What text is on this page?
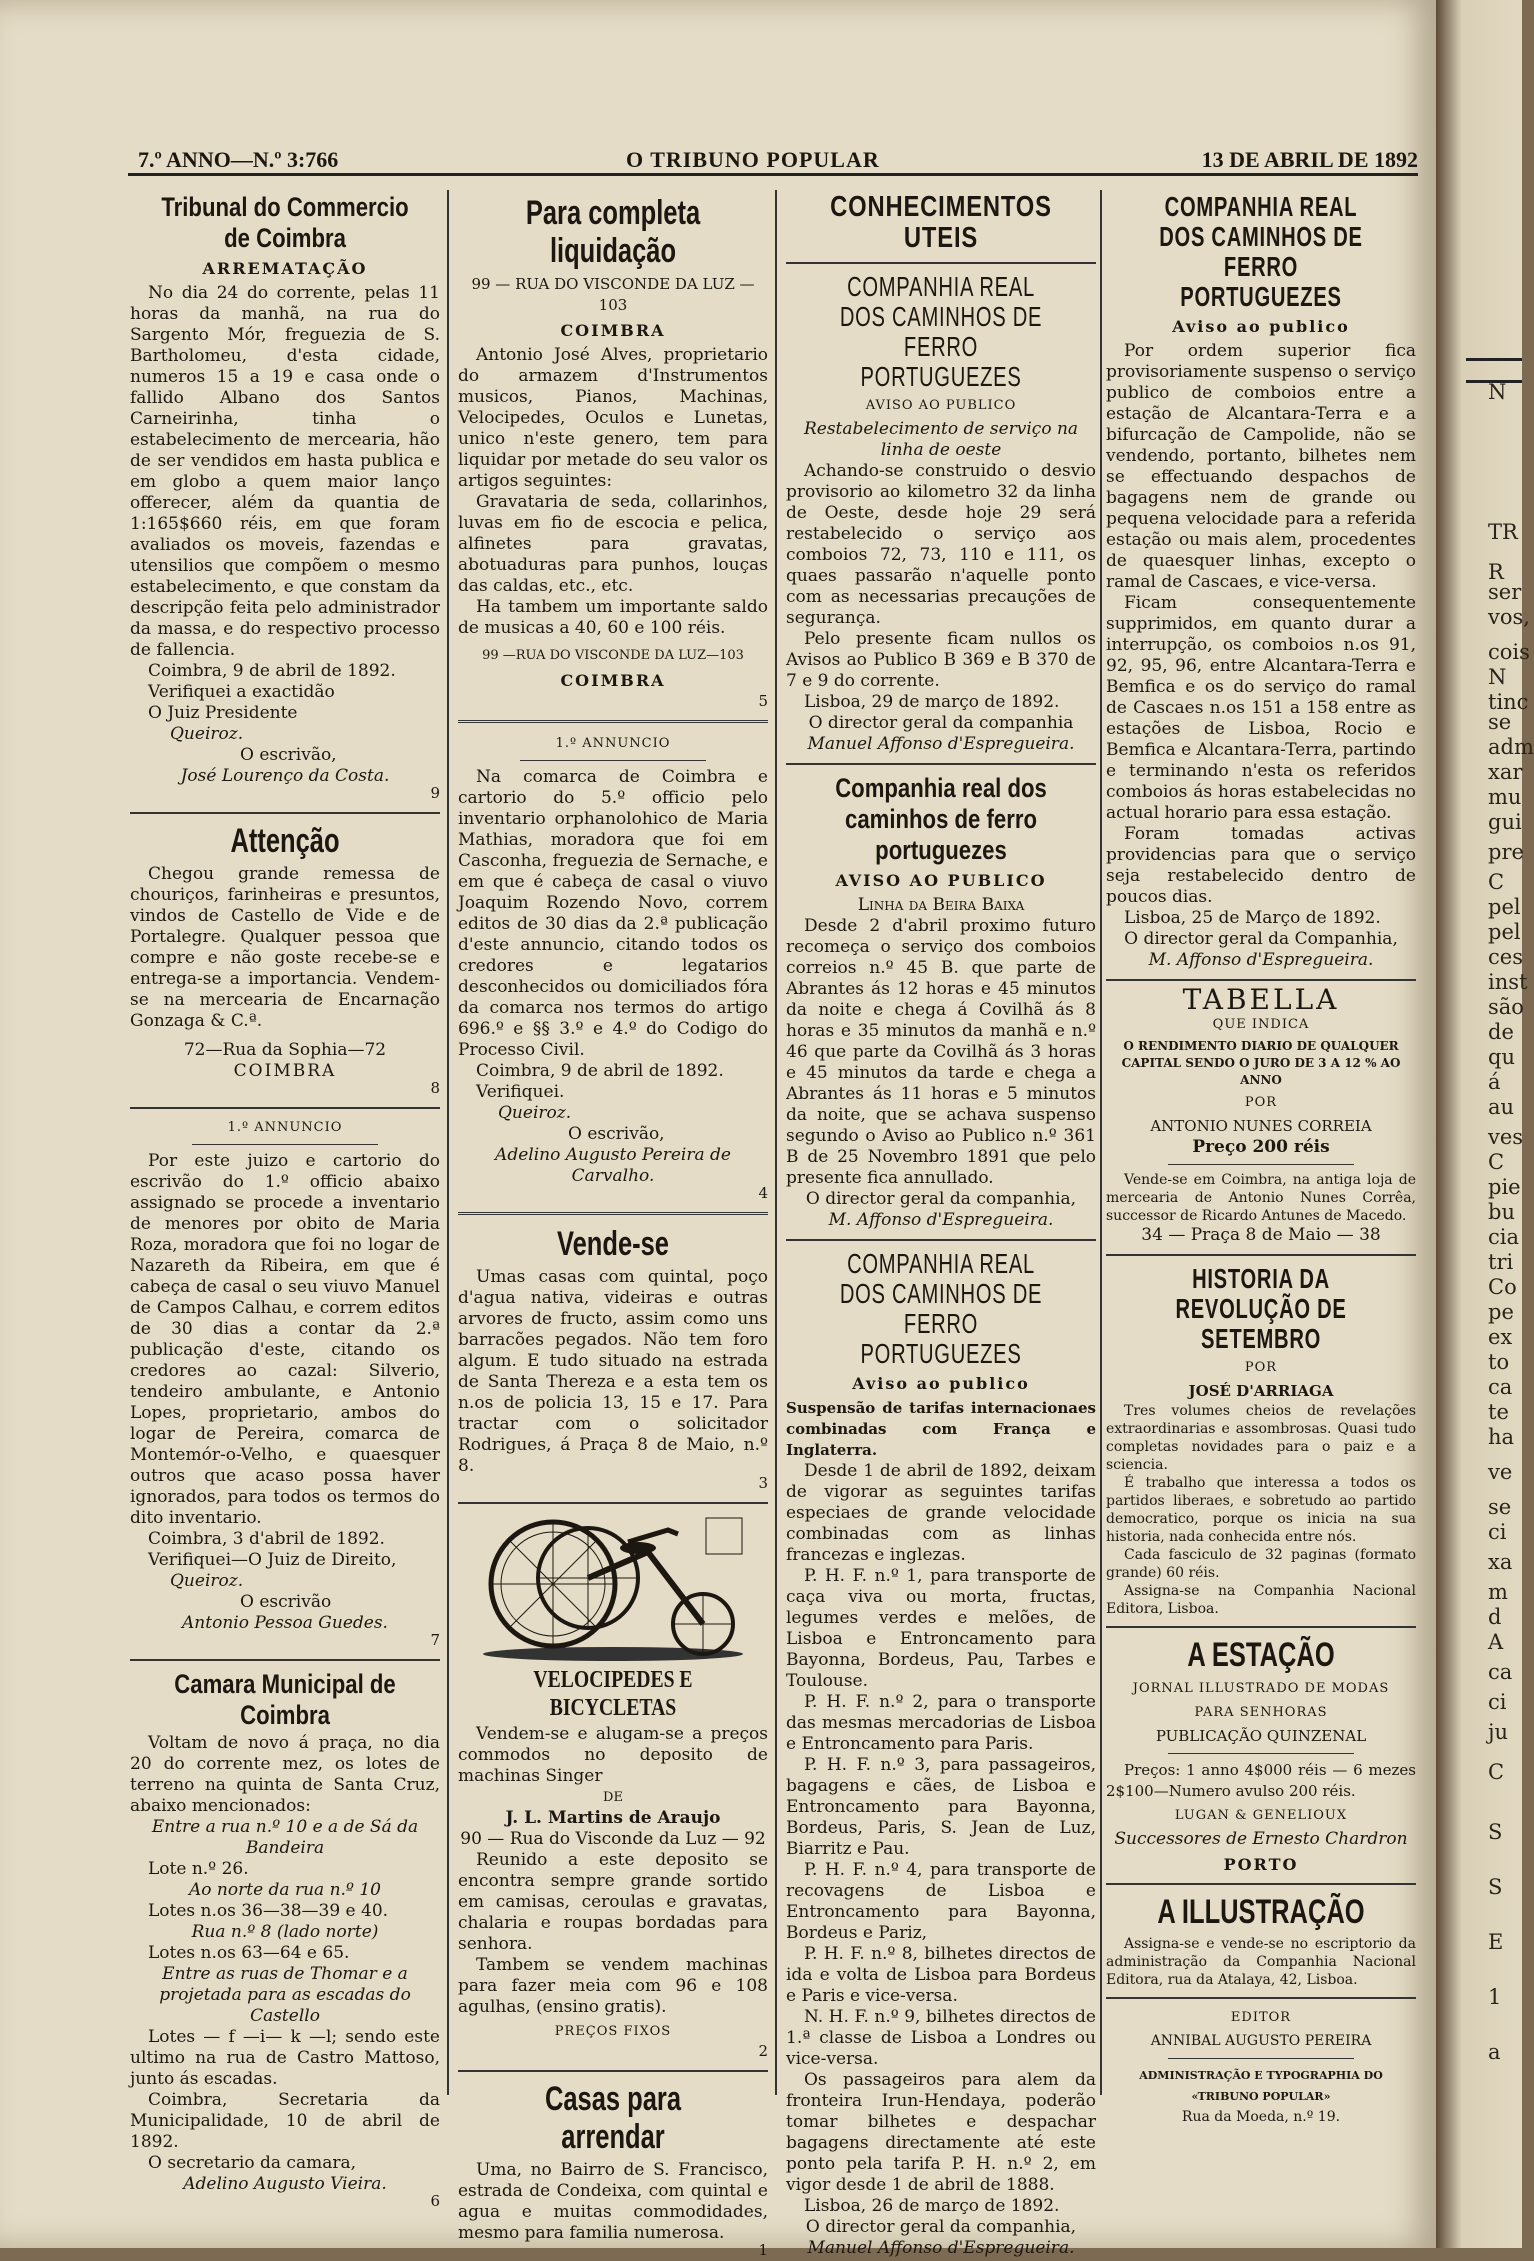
7.º ANNO—N.º 3:766	O TRIBUNO POPULAR	13 DE ABRIL DE 1892
Tribunal do Commercio de Coimbra
ARREMATAÇÃO

No dia 24 do corrente, pelas 11 horas da manhã, na rua do Sargento Mór, freguezia de S. Bartholomeu, d'esta cidade, numeros 15 a 19 e casa onde o fallido Albano dos Santos Carneirinha, tinha o estabelecimento de mercearia, hão de ser vendidos em hasta publica e em globo a quem maior lanço offerecer, além da quantia de 1:165$660 réis, em que foram avaliados os moveis, fazendas e utensilios que compõem o mesmo estabelecimento, e que constam da descripção feita pelo administrador da massa, e do respectivo processo de fallencia.

Coimbra, 9 de abril de 1892.

Verifiquei a exactidão

O Juiz Presidente

Queiroz.

O escrivão,

José Lourenço da Costa.
9
Attenção

Chegou grande remessa de chouriços, farinheiras e presuntos, vindos de Castello de Vide e de Portalegre. Qualquer pessoa que compre e não goste recebe-se e entrega-se a importancia. Vendem-se na mercearia de Encarnação Gonzaga & C.ª.

72—Rua da Sophia—72
COIMBRA
8
1.º ANNUNCIO

Por este juizo e cartorio do escrivão do 1.º officio abaixo assignado se procede a inventario de menores por obito de Maria Roza, moradora que foi no logar de Nazareth da Ribeira, em que é cabeça de casal o seu viuvo Manuel de Campos Calhau, e correm editos de 30 dias a contar da 2.ª publicação d'este, citando os credores ao cazal: Silverio, tendeiro ambulante, e Antonio Lopes, proprietario, ambos do logar de Pereira, comarca de Montemór-o-Velho, e quaesquer outros que acaso possa haver ignorados, para todos os termos do dito inventario.

Coimbra, 3 d'abril de 1892.

Verifiquei—O Juiz de Direito,

Queiroz.

O escrivão

Antonio Pessoa Guedes.
7
Camara Municipal de Coimbra

Voltam de novo á praça, no dia 20 do corrente mez, os lotes de terreno na quinta de Santa Cruz, abaixo mencionados:

Entre a rua n.º 10 e a de Sá da Bandeira

Lote n.º 26.

Ao norte da rua n.º 10

Lotes n.os 36—38—39 e 40.

Rua n.º 8 (lado norte)

Lotes n.os 63—64 e 65.

Entre as ruas de Thomar e a projetada para as escadas do Castello

Lotes — f —i— k —l; sendo este ultimo na rua de Castro Mattoso, junto ás escadas.

Coimbra, Secretaria da Municipalidade, 10 de abril de 1892.

O secretario da camara,

Adelino Augusto Vieira.
6
Para completa liquidação
99 — RUA DO VISCONDE DA LUZ — 103
COIMBRA

Antonio José Alves, proprietario do armazem d'Instrumentos musicos, Pianos, Machinas, Velocipedes, Oculos e Lunetas, unico n'este genero, tem para liquidar por metade do seu valor os artigos seguintes:

Gravataria de seda, collarinhos, luvas em fio de escocia e pelica, alfinetes para gravatas, abotuaduras para punhos, louças das caldas, etc., etc.

Ha tambem um importante saldo de musicas a 40, 60 e 100 réis.

99 —RUA DO VISCONDE DA LUZ—103
COIMBRA
5
1.º ANNUNCIO

Na comarca de Coimbra e cartorio do 5.º officio pelo inventario orphanolohico de Maria Mathias, moradora que foi em Casconha, freguezia de Sernache, e em que é cabeça de casal o viuvo Joaquim Rozendo Novo, correm editos de 30 dias da 2.ª publicação d'este annuncio, citando todos os credores e legatarios desconhecidos ou domiciliados fóra da comarca nos termos do artigo 696.º e §§ 3.º e 4.º do Codigo do Processo Civil.

Coimbra, 9 de abril de 1892.

Verifiquei.

Queiroz.

O escrivão,

Adelino Augusto Pereira de Carvalho.
4
Vende-se

Umas casas com quintal, poço d'agua nativa, videiras e outras arvores de fructo, assim como uns barracões pegados. Não tem foro algum. E tudo situado na estrada de Santa Thereza e a esta tem os n.os de policia 13, 15 e 17. Para tractar com o solicitador Rodrigues, á Praça 8 de Maio, n.º 8.

3
VELOCIPEDES E BICYCLETAS

Vendem-se e alugam-se a preços commodos no deposito de machinas Singer

DE
J. L. Martins de Araujo
90 — Rua do Visconde da Luz — 92

Reunido a este deposito se encontra sempre grande sortido em camisas, ceroulas e gravatas, chalaria e roupas bordadas para senhora.

Tambem se vendem machinas para fazer meia com 96 e 108 agulhas, (ensino gratis).

PREÇOS FIXOS
2
Casas para arrendar

Uma, no Bairro de S. Francisco, estrada de Condeixa, com quintal e agua e muitas commodidades, mesmo para familia numerosa.

1
CONHECIMENTOS UTEIS
COMPANHIA REAL DOS CAMINHOS DE FERRO PORTUGUEZES
AVISO AO PUBLICO
Restabelecimento de serviço na linha de oeste

Achando-se construido o desvio provisorio ao kilometro 32 da linha de Oeste, desde hoje 29 será restabelecido o serviço aos comboios 72, 73, 110 e 111, os quaes passarão n'aquelle ponto com as necessarias precauções de segurança.

Pelo presente ficam nullos os Avisos ao Publico B 369 e B 370 de 7 e 9 do corrente.

Lisboa, 29 de março de 1892.

O director geral da companhia
Manuel Affonso d'Espregueira.
Companhia real dos caminhos de ferro portuguezes
AVISO AO PUBLICO
Linha da Beira Baixa

Desde 2 d'abril proximo futuro recomeça o serviço dos comboios correios n.º 45 B. que parte de Abrantes ás 12 horas e 45 minutos da noite e chega á Covilhã ás 8 horas e 35 minutos da manhã e n.º 46 que parte da Covilhã ás 3 horas e 45 minutos da tarde e chega a Abrantes ás 11 horas e 5 minutos da noite, que se achava suspenso segundo o Aviso ao Publico n.º 361 B de 25 Novembro 1891 que pelo presente fica annullado.

O director geral da companhia,
M. Affonso d'Espregueira.
COMPANHIA REAL DOS CAMINHOS DE FERRO PORTUGUEZES
Aviso ao publico

Suspensão de tarifas internacionaes combinadas com França e Inglaterra.

Desde 1 de abril de 1892, deixam de vigorar as seguintes tarifas especiaes de grande velocidade combinadas com as linhas francezas e inglezas.

P. H. F. n.º 1, para transporte de caça viva ou morta, fructas, legumes verdes e melões, de Lisboa e Entroncamento para Bayonna, Bordeus, Pau, Tarbes e Toulouse.

P. H. F. n.º 2, para o transporte das mesmas mercadorias de Lisboa e Entroncamento para Paris.

P. H. F. n.º 3, para passageiros, bagagens e cães, de Lisboa e Entroncamento para Bayonna, Bordeus, Paris, S. Jean de Luz, Biarritz e Pau.

P. H. F. n.º 4, para transporte de recovagens de Lisboa e Entroncamento para Bayonna, Bordeus e Pariz,

P. H. F. n.º 8, bilhetes directos de ida e volta de Lisboa para Bordeus e Paris e vice-versa.

N. H. F. n.º 9, bilhetes directos de 1.ª classe de Lisboa a Londres ou vice-versa.

Os passageiros para alem da fronteira Irun-Hendaya, poderão tomar bilhetes e despachar bagagens directamente até este ponto pela tarifa P. H. n.º 2, em vigor desde 1 de abril de 1888.

Lisboa, 26 de março de 1892.

O director geral da companhia,
Manuel Affonso d'Espregueira.
COMPANHIA REAL DOS CAMINHOS DE FERRO PORTUGUEZES
Aviso ao publico

Por ordem superior fica provisoriamente suspenso o serviço publico de comboios entre a estação de Alcantara-Terra e a bifurcação de Campolide, não se vendendo, portanto, bilhetes nem se effectuando despachos de bagagens nem de grande ou pequena velocidade para a referida estação ou mais alem, procedentes de quaesquer linhas, excepto o ramal de Cascaes, e vice-versa.

Ficam consequentemente supprimidos, em quanto durar a interrupção, os comboios n.os 91, 92, 95, 96, entre Alcantara-Terra e Bemfica e os do serviço do ramal de Cascaes n.os 151 a 158 entre as estações de Lisboa, Rocio e Bemfica e Alcantara-Terra, partindo e terminando n'esta os referidos comboios ás horas estabelecidas no actual horario para essa estação.

Foram tomadas activas providencias para que o serviço seja restabelecido dentro de poucos dias.

Lisboa, 25 de Março de 1892.

O director geral da Companhia,
M. Affonso d'Espregueira.
TABELLA
QUE INDICA
O RENDIMENTO DIARIO DE QUALQUER CAPITAL SENDO O JURO DE 3 A 12 % AO ANNO
POR
ANTONIO NUNES CORREIA
Preço 200 réis

Vende-se em Coimbra, na antiga loja de mercearia de Antonio Nunes Corrêa, successor de Ricardo Antunes de Macedo.

34 — Praça 8 de Maio — 38
HISTORIA DA REVOLUÇÃO DE SETEMBRO
POR
JOSÉ D'ARRIAGA

Tres volumes cheios de revelações extraordinarias e assombrosas. Quasi tudo completas novidades para o paiz e a sciencia.

É trabalho que interessa a todos os partidos liberaes, e sobretudo ao partido democratico, porque os inicia na sua historia, nada conhecida entre nós.

Cada fasciculo de 32 paginas (formato grande) 60 réis.

Assigna-se na Companhia Nacional Editora, Lisboa.

A ESTAÇÃO
JORNAL ILLUSTRADO DE MODAS
PARA SENHORAS
PUBLICAÇÃO QUINZENAL

Preços: 1 anno 4$000 réis — 6 mezes 2$100—Numero avulso 200 réis.

LUGAN & GENELIOUX
Successores de Ernesto Chardron
PORTO
A ILLUSTRAÇÃO

Assigna-se e vende-se no escriptorio da administração da Companhia Nacional Editora, rua da Atalaya, 42, Lisboa.

EDITOR
ANNIBAL AUGUSTO PEREIRA
ADMINISTRAÇÃO E TYPOGRAPHIA DO «TRIBUNO POPULAR»
Rua da Moeda, n.º 19.
N
TR
R
ser
vos,
cois
N
tinc
se
adm
xar
mu
gui
pre
C
pel
pel
ces
inst
são
de
qu
á
au
ves
C
pie
bu
cia
tri
Co
pe
ex
to
ca
te
ha
ve
se
ci
xa
m
d
A
ca
ci
ju
C
S
S
E
1
a
